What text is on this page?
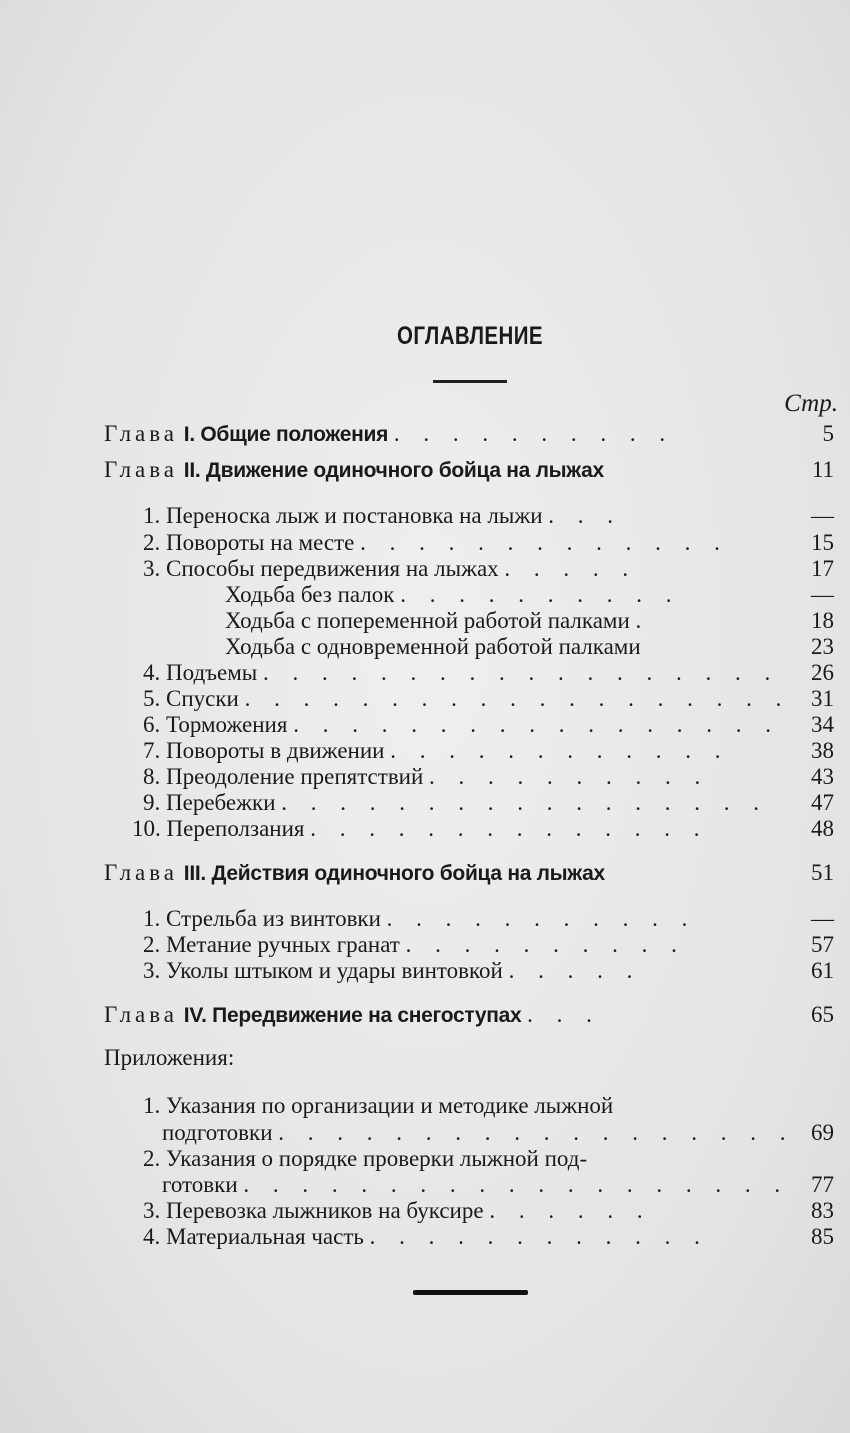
ОГЛАВЛЕНИЕ
Стр.
Глава I. Общие положения . . . . . . . . . .	5
Глава II. Движение одиночного бойца на лыжах	11
1. Переноска лыж и постановка на лыжи . . .	—
2. Повороты на месте . . . . . . . . . . . . .	15
3. Способы передвижения на лыжах . . . . .	17
Ходьба без палок . . . . . . . . . .	—
Ходьба с попеременной работой палками .	18
Ходьба с одновременной работой палками	23
4. Подъемы . . . . . . . . . . . . . . . . . .	26
5. Спуски . . . . . . . . . . . . . . . . . . . 31
6. Торможения . . . . . . . . . . . . . . . . .	34
7. Повороты в движении . . . . . . . . . . . .	38
8. Преодоление препятствий . . . . . . . . . .	43
9. Перебежки . . . . . . . . . . . . . . . . .	47
10. Переползания . . . . . . . . . . . . . .	48
Глава III. Действия одиночного бойца на лыжах	51
1. Стрельба из винтовки . . . . . . . . . . .	—
2. Метание ручных гранат . . . . . . . . . .	57
3. Уколы штыком и удары винтовкой . . . . .	61
Глава IV. Передвижение на снегоступах . . .	65
Приложения:
1. Указания по организации и методике лыжной
подготовки . . . . . . . . . . . . . . . . . . 69
2. Указания о порядке проверки лыжной под-
готовки . . . . . . . . . . . . . . . . . . . 77
3. Перевозка лыжников на буксире . . . . . .	83
4. Материальная часть . . . . . . . . . . . .	85
